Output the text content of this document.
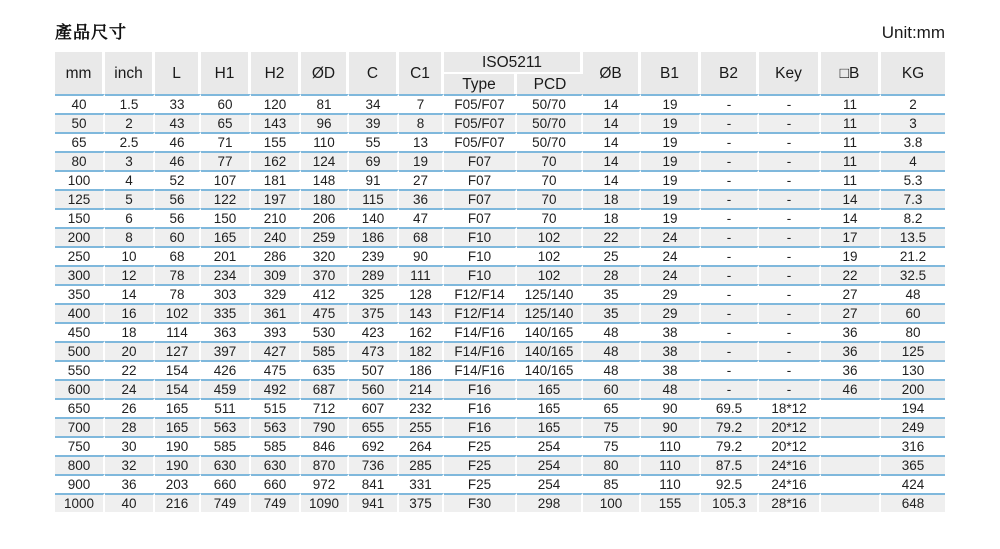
產品尺寸	Unit:mm
mm	inch	L	H1	H2	ØD	C	C1	ISO5211		ØB	B1	B2	Key	□B	KG
								Type	PCD						
40	1.5	33	60	120	81	34	7	F05/F07	50/70	14	19	-	-	11	2
50	2	43	65	143	96	39	8	F05/F07	50/70	14	19	-	-	11	3
65	2.5	46	71	155	110	55	13	F05/F07	50/70	14	19	-	-	11	3.8
80	3	46	77	162	124	69	19	F07	70	14	19	-	-	11	4
100	4	52	107	181	148	91	27	F07	70	14	19	-	-	11	5.3
125	5	56	122	197	180	115	36	F07	70	18	19	-	-	14	7.3
150	6	56	150	210	206	140	47	F07	70	18	19	-	-	14	8.2
200	8	60	165	240	259	186	68	F10	102	22	24	-	-	17	13.5
250	10	68	201	286	320	239	90	F10	102	25	24	-	-	19	21.2
300	12	78	234	309	370	289	111	F10	102	28	24	-	-	22	32.5
350	14	78	303	329	412	325	128	F12/F14	125/140	35	29	-	-	27	48
400	16	102	335	361	475	375	143	F12/F14	125/140	35	29	-	-	27	60
450	18	114	363	393	530	423	162	F14/F16	140/165	48	38	-	-	36	80
500	20	127	397	427	585	473	182	F14/F16	140/165	48	38	-	-	36	125
550	22	154	426	475	635	507	186	F14/F16	140/165	48	38	-	-	36	130
600	24	154	459	492	687	560	214	F16	165	60	48	-	-	46	200
650	26	165	511	515	712	607	232	F16	165	65	90	69.5	18*12		194
700	28	165	563	563	790	655	255	F16	165	75	90	79.2	20*12		249
750	30	190	585	585	846	692	264	F25	254	75	110	79.2	20*12		316
800	32	190	630	630	870	736	285	F25	254	80	110	87.5	24*16		365
900	36	203	660	660	972	841	331	F25	254	85	110	92.5	24*16		424
1000	40	216	749	749	1090	941	375	F30	298	100	155	105.3	28*16		648
